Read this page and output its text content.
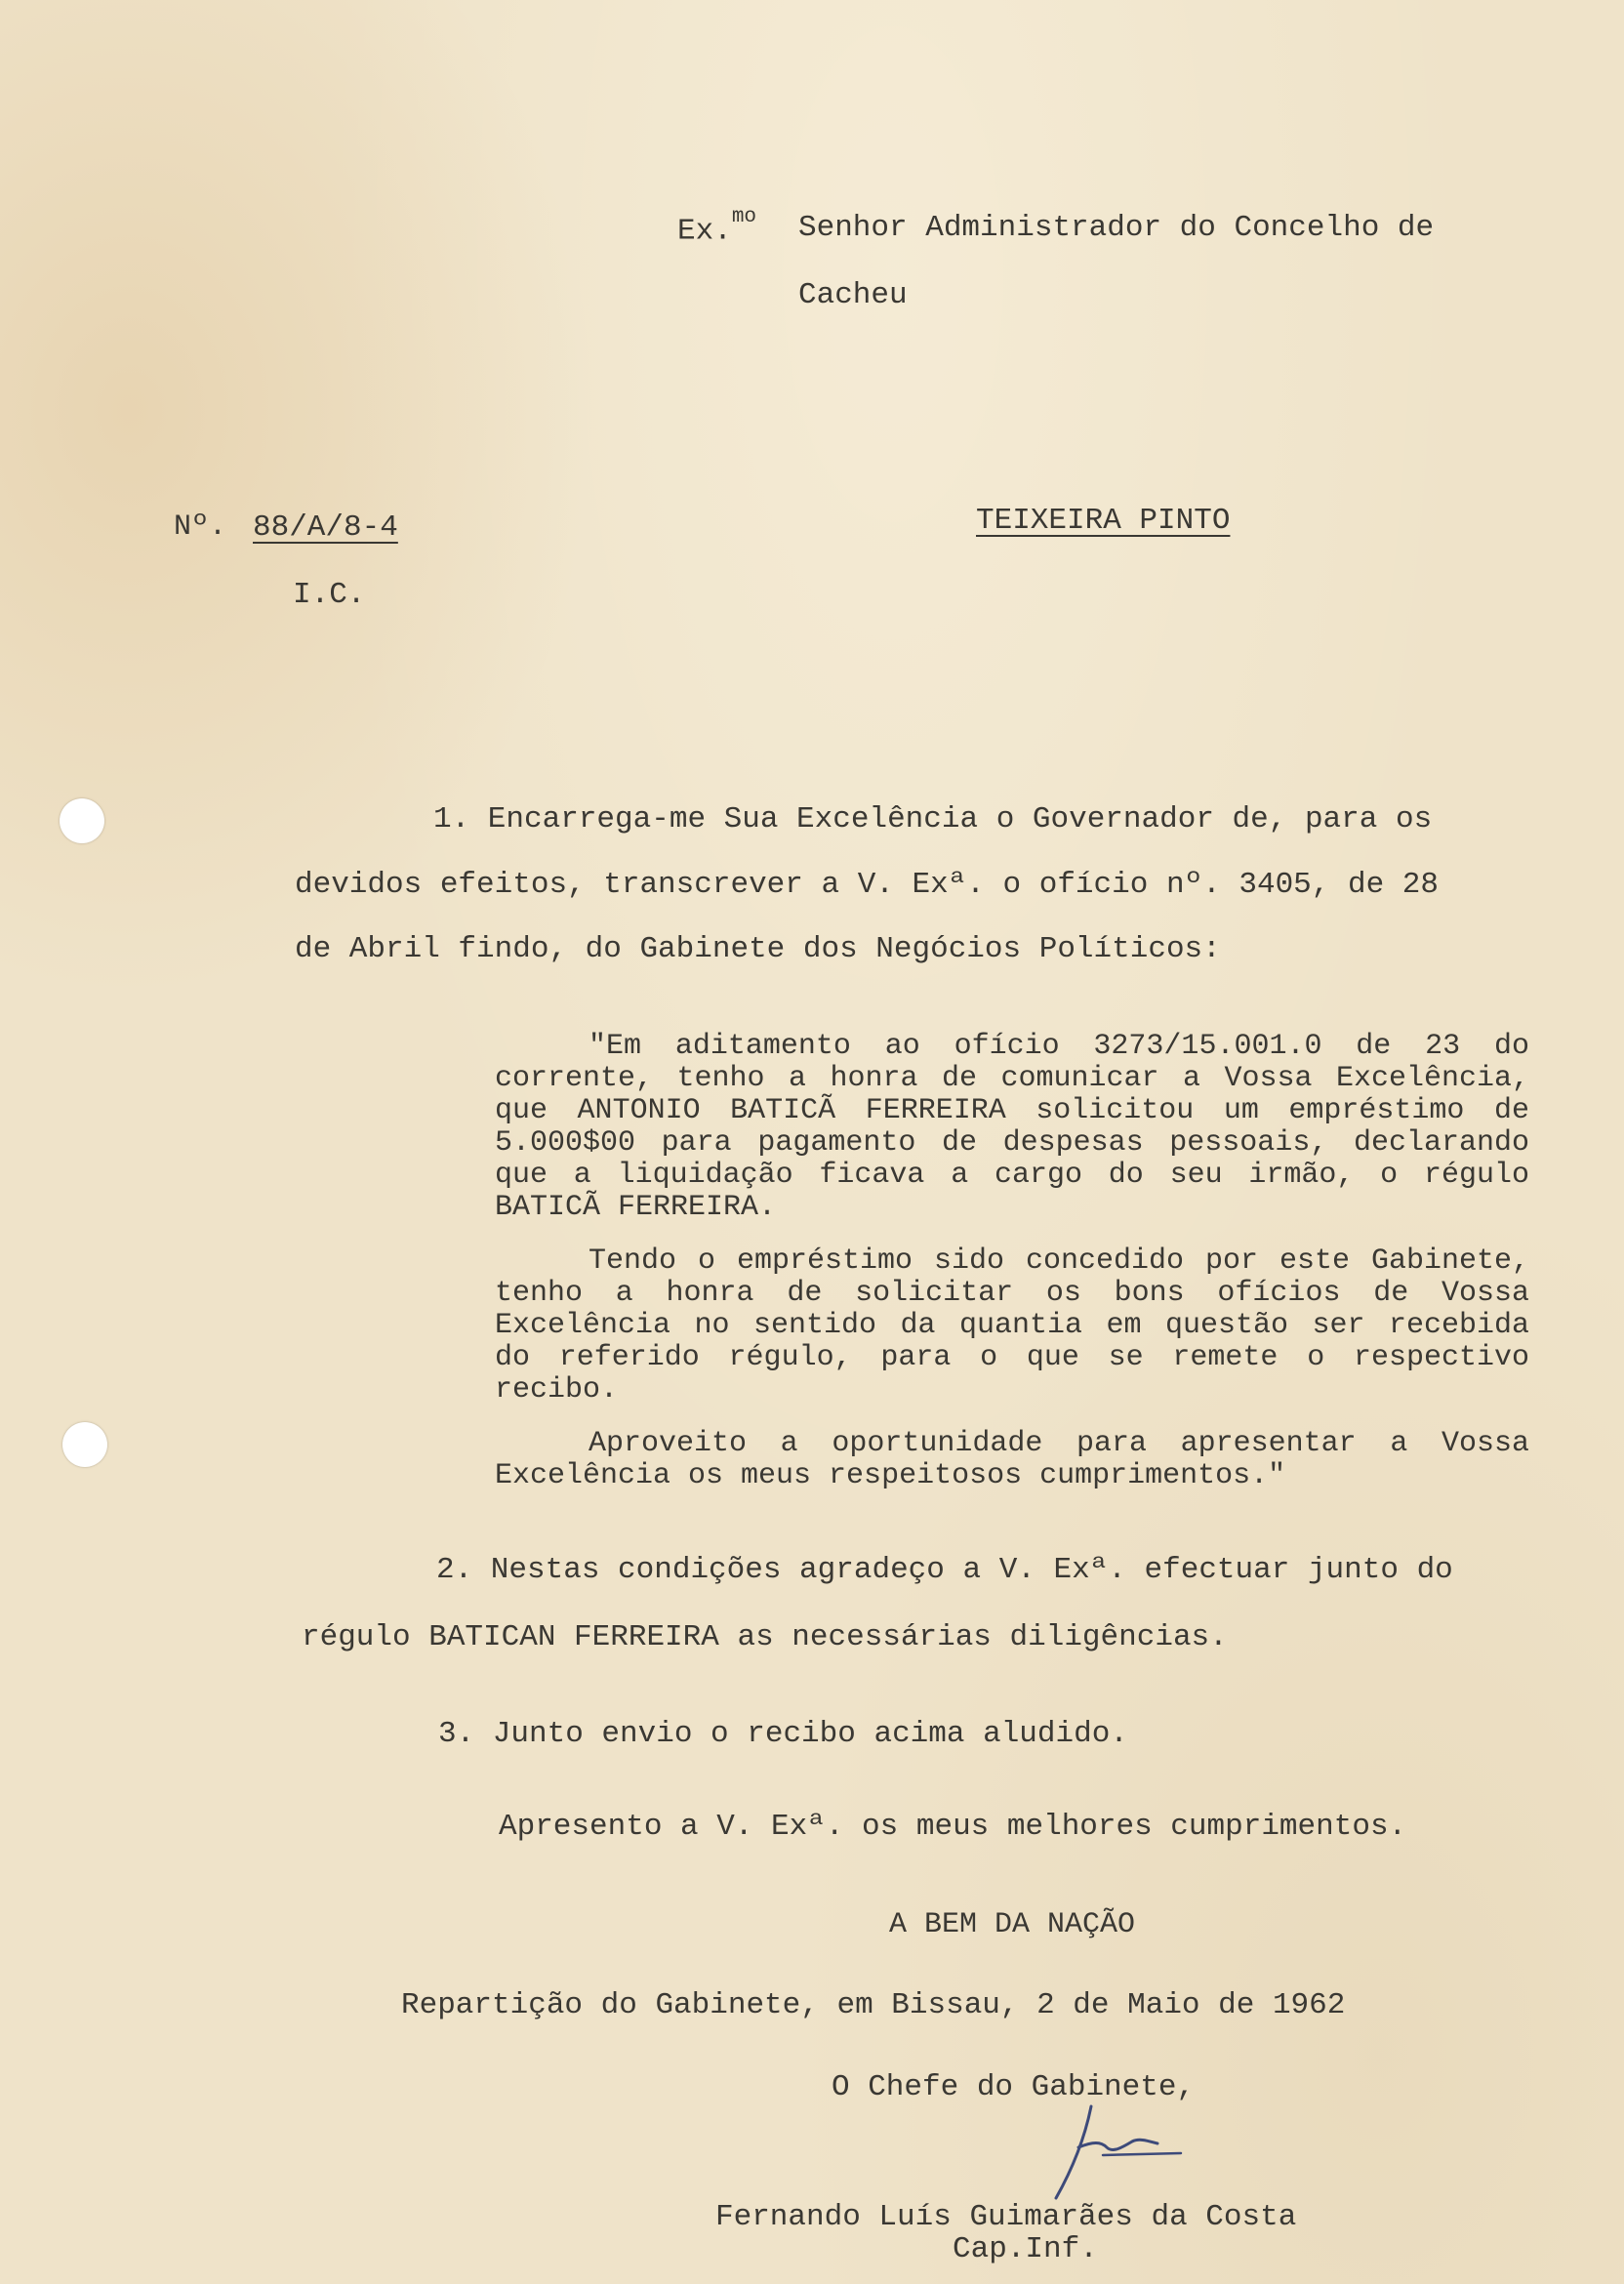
Ex.$^{mo}$ Senhor Administrador do Concelho de
Cacheu
Nº. 88/A/8-4	TEIXEIRA PINTO
I.C.
1. Encarrega-me Sua Excelência o Governador de, para os
devidos efeitos, transcrever a V. Exª. o ofício nº. 3405, de 28
de Abril findo, do Gabinete dos Negócios Políticos:

"Em aditamento ao ofício 3273/15.001.0 de 23 do corrente, tenho a honra de comunicar a Vossa Excelência, que ANTONIO BATICÃ FERREIRA solicitou um empréstimo de 5.000$00 para pagamento de despesas pessoais, declarando que a liquidação ficava a cargo do seu irmão, o régulo BATICÃ FERREIRA.

Tendo o empréstimo sido concedido por este Gabinete, tenho a honra de solicitar os bons ofícios de Vossa Excelência no sentido da quantia em questão ser recebida do referido régulo, para o que se remete o respectivo recibo.

Aproveito a oportunidade para apresentar a Vossa Excelência os meus respeitosos cumprimentos."

2. Nestas condições agradeço a V. Exª. efectuar junto do
régulo BATICAN FERREIRA as necessárias diligências.
3. Junto envio o recibo acima aludido.
Apresento a V. Exª. os meus melhores cumprimentos.
A BEM DA NAÇÃO
Repartição do Gabinete, em Bissau, 2 de Maio de 1962
O Chefe do Gabinete,
Fernando Luís Guimarães da Costa
Cap.Inf.
